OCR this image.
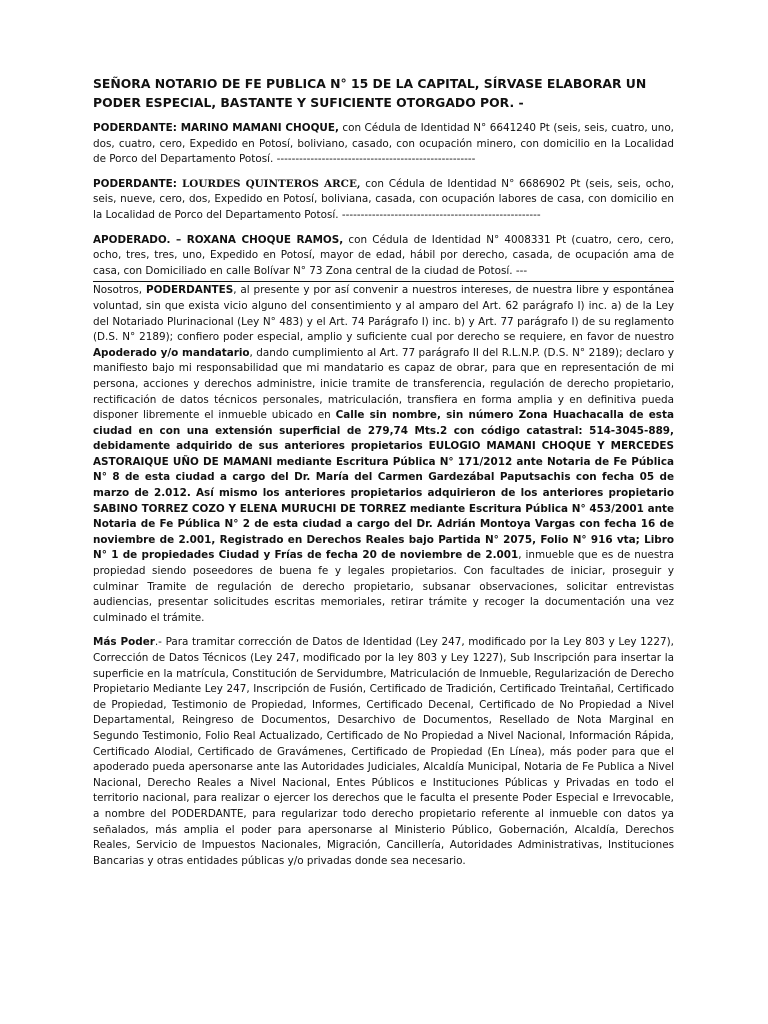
SEÑORA NOTARIO DE FE PUBLICA N° 15 DE LA CAPITAL, SÍRVASE ELABORAR UN PODER ESPECIAL, BASTANTE Y SUFICIENTE OTORGADO POR. -

PODERDANTE: MARINO MAMANI CHOQUE, con Cédula de Identidad N° 6641240 Pt (seis, seis, cuatro, uno, dos, cuatro, cero, Expedido en Potosí, boliviano, casado, con ocupación minero, con domicilio en la Localidad de Porco del Departamento Potosí. -----------------------------------------------------

PODERDANTE: LOURDES QUINTEROS ARCE, con Cédula de Identidad N° 6686902 Pt (seis, seis, ocho, seis, nueve, cero, dos, Expedido en Potosí, boliviana, casada, con ocupación labores de casa, con domicilio en la Localidad de Porco del Departamento Potosí. -----------------------------------------------------

APODERADO. – ROXANA CHOQUE RAMOS, con Cédula de Identidad N° 4008331 Pt (cuatro, cero, cero, ocho, tres, tres, uno, Expedido en Potosí, mayor de edad, hábil por derecho, casada, de ocupación ama de casa, con Domiciliado en calle Bolívar N° 73 Zona central de la ciudad de Potosí. ---

Nosotros, PODERDANTES, al presente y por así convenir a nuestros intereses, de nuestra libre y espontánea voluntad, sin que exista vicio alguno del consentimiento y al amparo del Art. 62 parágrafo I) inc. a) de la Ley del Notariado Plurinacional (Ley N° 483) y el Art. 74 Parágrafo I) inc. b) y Art. 77 parágrafo I) de su reglamento (D.S. N° 2189); confiero poder especial, amplio y suficiente cual por derecho se requiere, en favor de nuestro Apoderado y/o mandatario, dando cumplimiento al Art. 77 parágrafo II del R.L.N.P. (D.S. N° 2189); declaro y manifiesto bajo mi responsabilidad que mi mandatario es capaz de obrar, para que en representación de mi persona, acciones y derechos administre, inicie tramite de transferencia, regulación de derecho propietario, rectificación de datos técnicos personales, matriculación, transfiera en forma amplia y en definitiva pueda disponer libremente el inmueble ubicado en Calle sin nombre, sin número Zona Huachacalla de esta ciudad en con una extensión superficial de 279,74 Mts.2 con código catastral: 514-3045-889, debidamente adquirido de sus anteriores propietarios EULOGIO MAMANI CHOQUE Y MERCEDES ASTORAIQUE UÑO DE MAMANI mediante Escritura Pública N° 171/2012 ante Notaria de Fe Pública N° 8 de esta ciudad a cargo del Dr. María del Carmen Gardezábal Paputsachis con fecha 05 de marzo de 2.012. Así mismo los anteriores propietarios adquirieron de los anteriores propietario SABINO TORREZ COZO Y ELENA MURUCHI DE TORREZ mediante Escritura Pública N° 453/2001 ante Notaria de Fe Pública N° 2 de esta ciudad a cargo del Dr. Adrián Montoya Vargas con fecha 16 de noviembre de 2.001, Registrado en Derechos Reales bajo Partida N° 2075, Folio N° 916 vta; Libro N° 1 de propiedades Ciudad y Frías de fecha 20 de noviembre de 2.001, inmueble que es de nuestra propiedad siendo poseedores de buena fe y legales propietarios. Con facultades de iniciar, proseguir y culminar Tramite de regulación de derecho propietario, subsanar observaciones, solicitar entrevistas audiencias, presentar solicitudes escritas memoriales, retirar trámite y recoger la documentación una vez culminado el trámite.

Más Poder.- Para tramitar corrección de Datos de Identidad (Ley 247, modificado por la Ley 803 y Ley 1227), Corrección de Datos Técnicos (Ley 247, modificado por la ley 803 y Ley 1227), Sub Inscripción para insertar la superficie en la matrícula, Constitución de Servidumbre, Matriculación de Inmueble, Regularización de Derecho Propietario Mediante Ley 247, Inscripción de Fusión, Certificado de Tradición, Certificado Treintañal, Certificado de Propiedad, Testimonio de Propiedad, Informes, Certificado Decenal, Certificado de No Propiedad a Nivel Departamental, Reingreso de Documentos, Desarchivo de Documentos, Resellado de Nota Marginal en Segundo Testimonio, Folio Real Actualizado, Certificado de No Propiedad a Nivel Nacional, Información Rápida, Certificado Alodial, Certificado de Gravámenes, Certificado de Propiedad (En Línea), más poder para que el apoderado pueda apersonarse ante las Autoridades Judiciales, Alcaldía Municipal, Notaria de Fe Publica a Nivel Nacional, Derecho Reales a Nivel Nacional, Entes Públicos e Instituciones Públicas y Privadas en todo el territorio nacional, para realizar o ejercer los derechos que le faculta el presente Poder Especial e Irrevocable, a nombre del PODERDANTE, para regularizar todo derecho propietario referente al inmueble con datos ya señalados, más amplia el poder para apersonarse al Ministerio Público, Gobernación, Alcaldía, Derechos Reales, Servicio de Impuestos Nacionales, Migración, Cancillería, Autoridades Administrativas, Instituciones Bancarias y otras entidades públicas y/o privadas donde sea necesario.
